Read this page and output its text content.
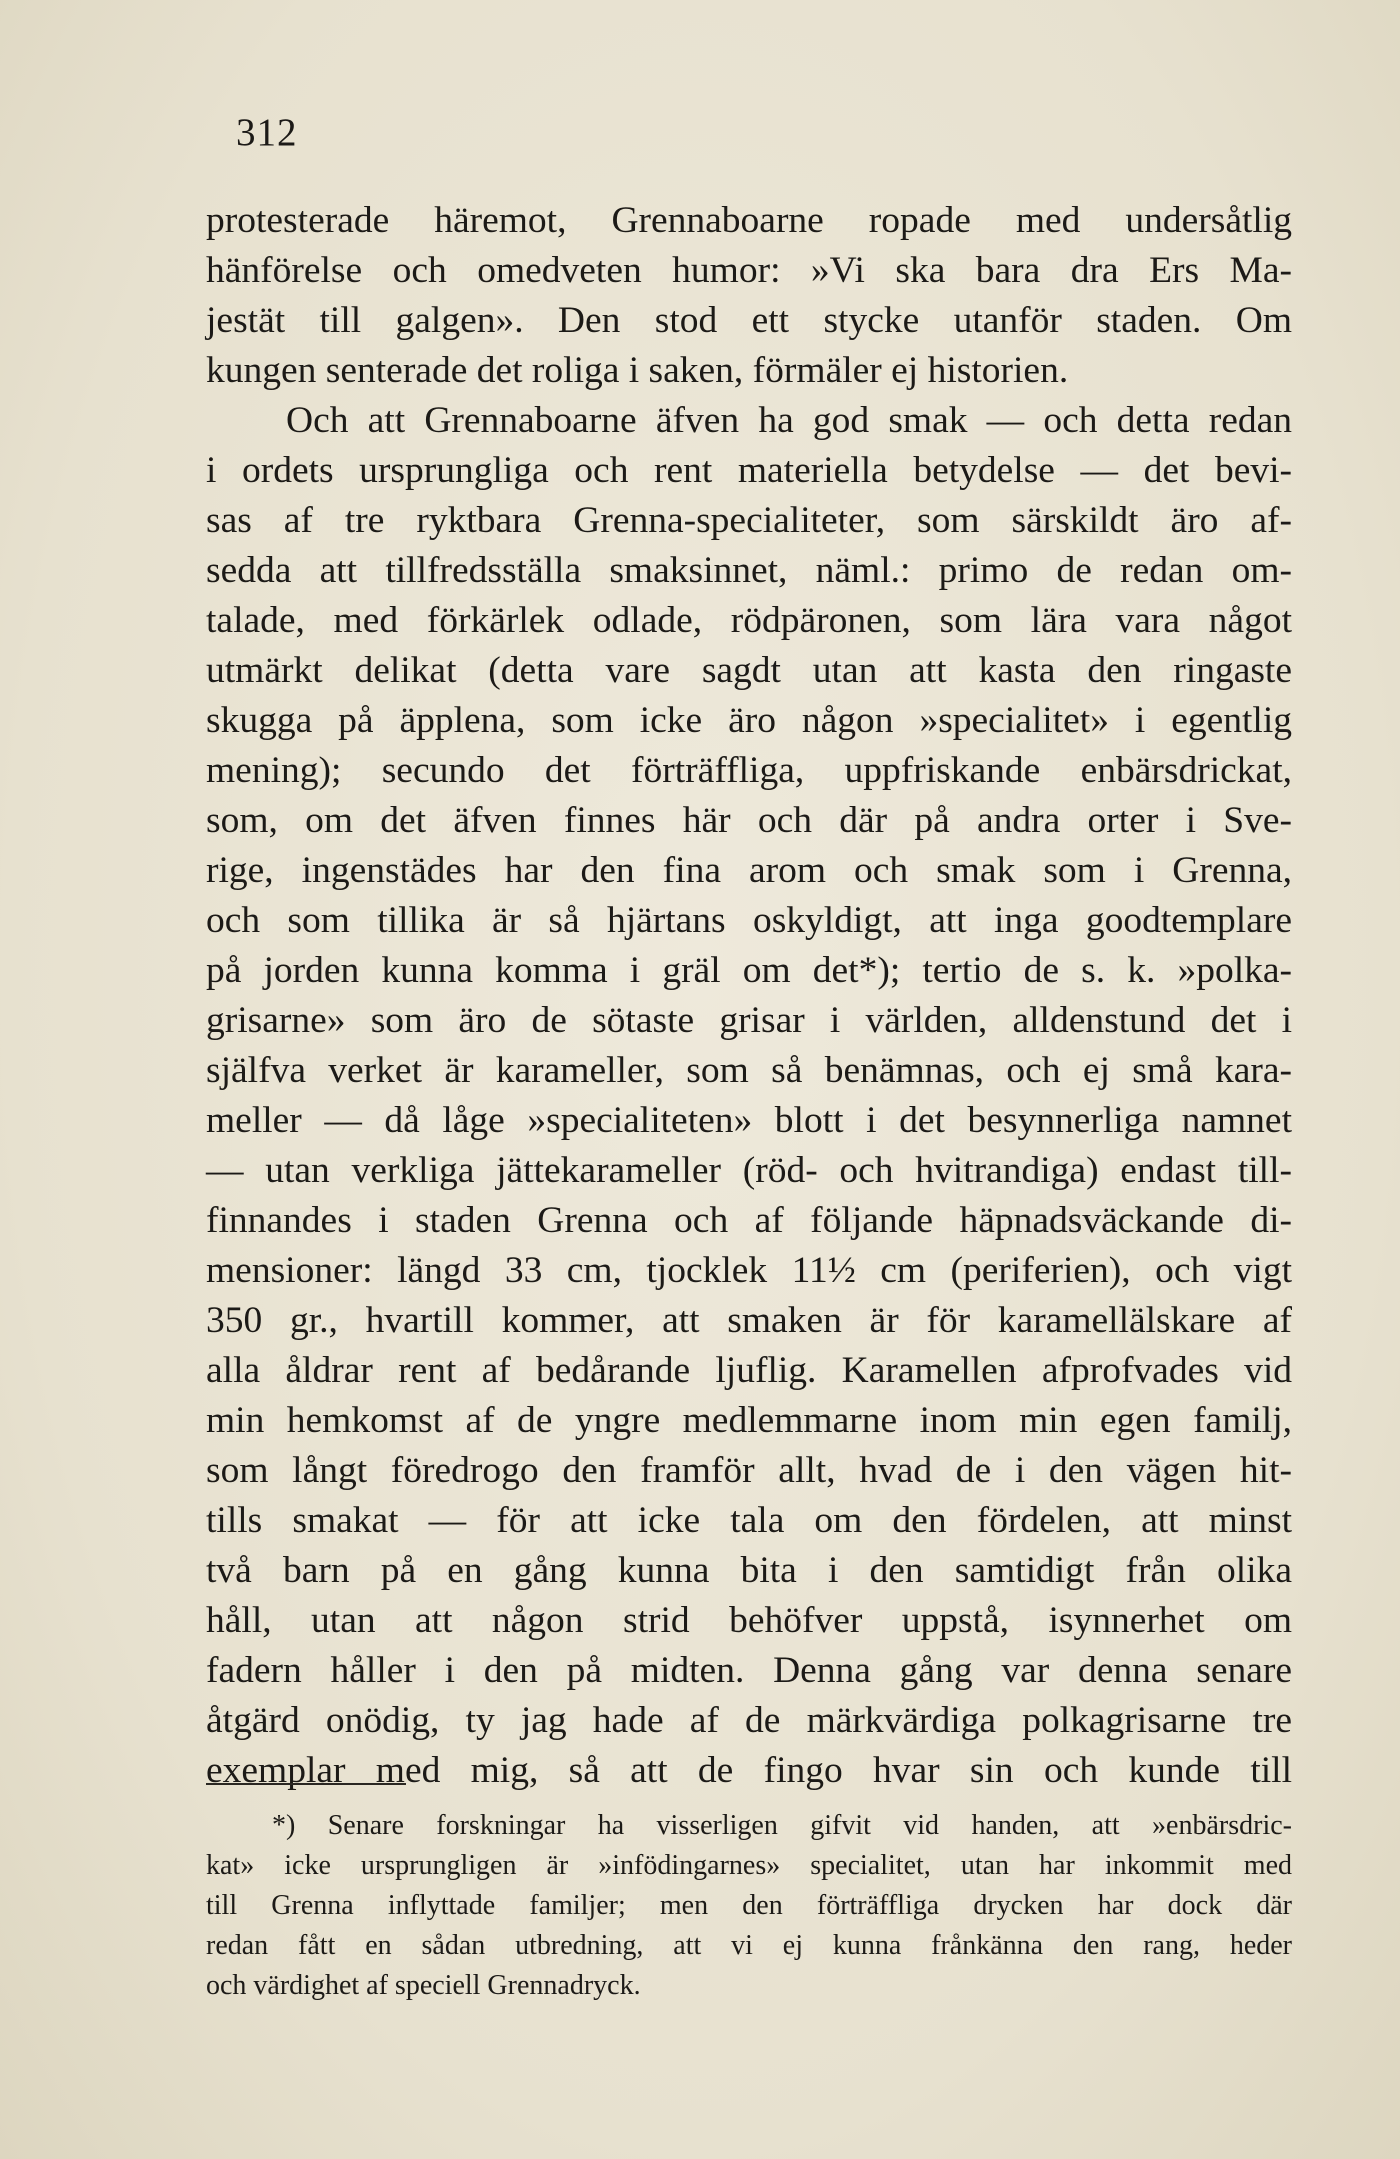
312
protesterade häremot, Grennaboarne ropade med undersåtlig
hänförelse och omedveten humor: »Vi ska bara dra Ers Ma-
jestät till galgen». Den stod ett stycke utanför staden. Om
kungen senterade det roliga i saken, förmäler ej historien.
Och att Grennaboarne äfven ha god smak — och detta redan
i ordets ursprungliga och rent materiella betydelse — det bevi-
sas af tre ryktbara Grenna-specialiteter, som särskildt äro af-
sedda att tillfredsställa smaksinnet, näml.: primo de redan om-
talade, med förkärlek odlade, rödpäronen, som lära vara något
utmärkt delikat (detta vare sagdt utan att kasta den ringaste
skugga på äpplena, som icke äro någon »specialitet» i egentlig
mening); secundo det förträffliga, uppfriskande enbärsdrickat,
som, om det äfven finnes här och där på andra orter i Sve-
rige, ingenstädes har den fina arom och smak som i Grenna,
och som tillika är så hjärtans oskyldigt, att inga goodtemplare
på jorden kunna komma i gräl om det*); tertio de s. k. »polka-
grisarne» som äro de sötaste grisar i världen, alldenstund det i
själfva verket är karameller, som så benämnas, och ej små kara-
meller — då låge »specialiteten» blott i det besynnerliga namnet
— utan verkliga jättekarameller (röd- och hvitrandiga) endast till-
finnandes i staden Grenna och af följande häpnadsväckande di-
mensioner: längd 33 cm, tjocklek 11½ cm (periferien), och vigt
350 gr., hvartill kommer, att smaken är för karamellälskare af
alla åldrar rent af bedårande ljuflig. Karamellen afprofvades vid
min hemkomst af de yngre medlemmarne inom min egen familj,
som långt föredrogo den framför allt, hvad de i den vägen hit-
tills smakat — för att icke tala om den fördelen, att minst
två barn på en gång kunna bita i den samtidigt från olika
håll, utan att någon strid behöfver uppstå, isynnerhet om
fadern håller i den på midten. Denna gång var denna senare
åtgärd onödig, ty jag hade af de märkvärdiga polkagrisarne tre
exemplar med mig, så att de fingo hvar sin och kunde till
*) Senare forskningar ha visserligen gifvit vid handen, att »enbärsdric-
kat» icke ursprungligen är »infödingarnes» specialitet, utan har inkommit med
till Grenna inflyttade familjer; men den förträffliga drycken har dock där
redan fått en sådan utbredning, att vi ej kunna frånkänna den rang, heder
och värdighet af speciell Grennadryck.
